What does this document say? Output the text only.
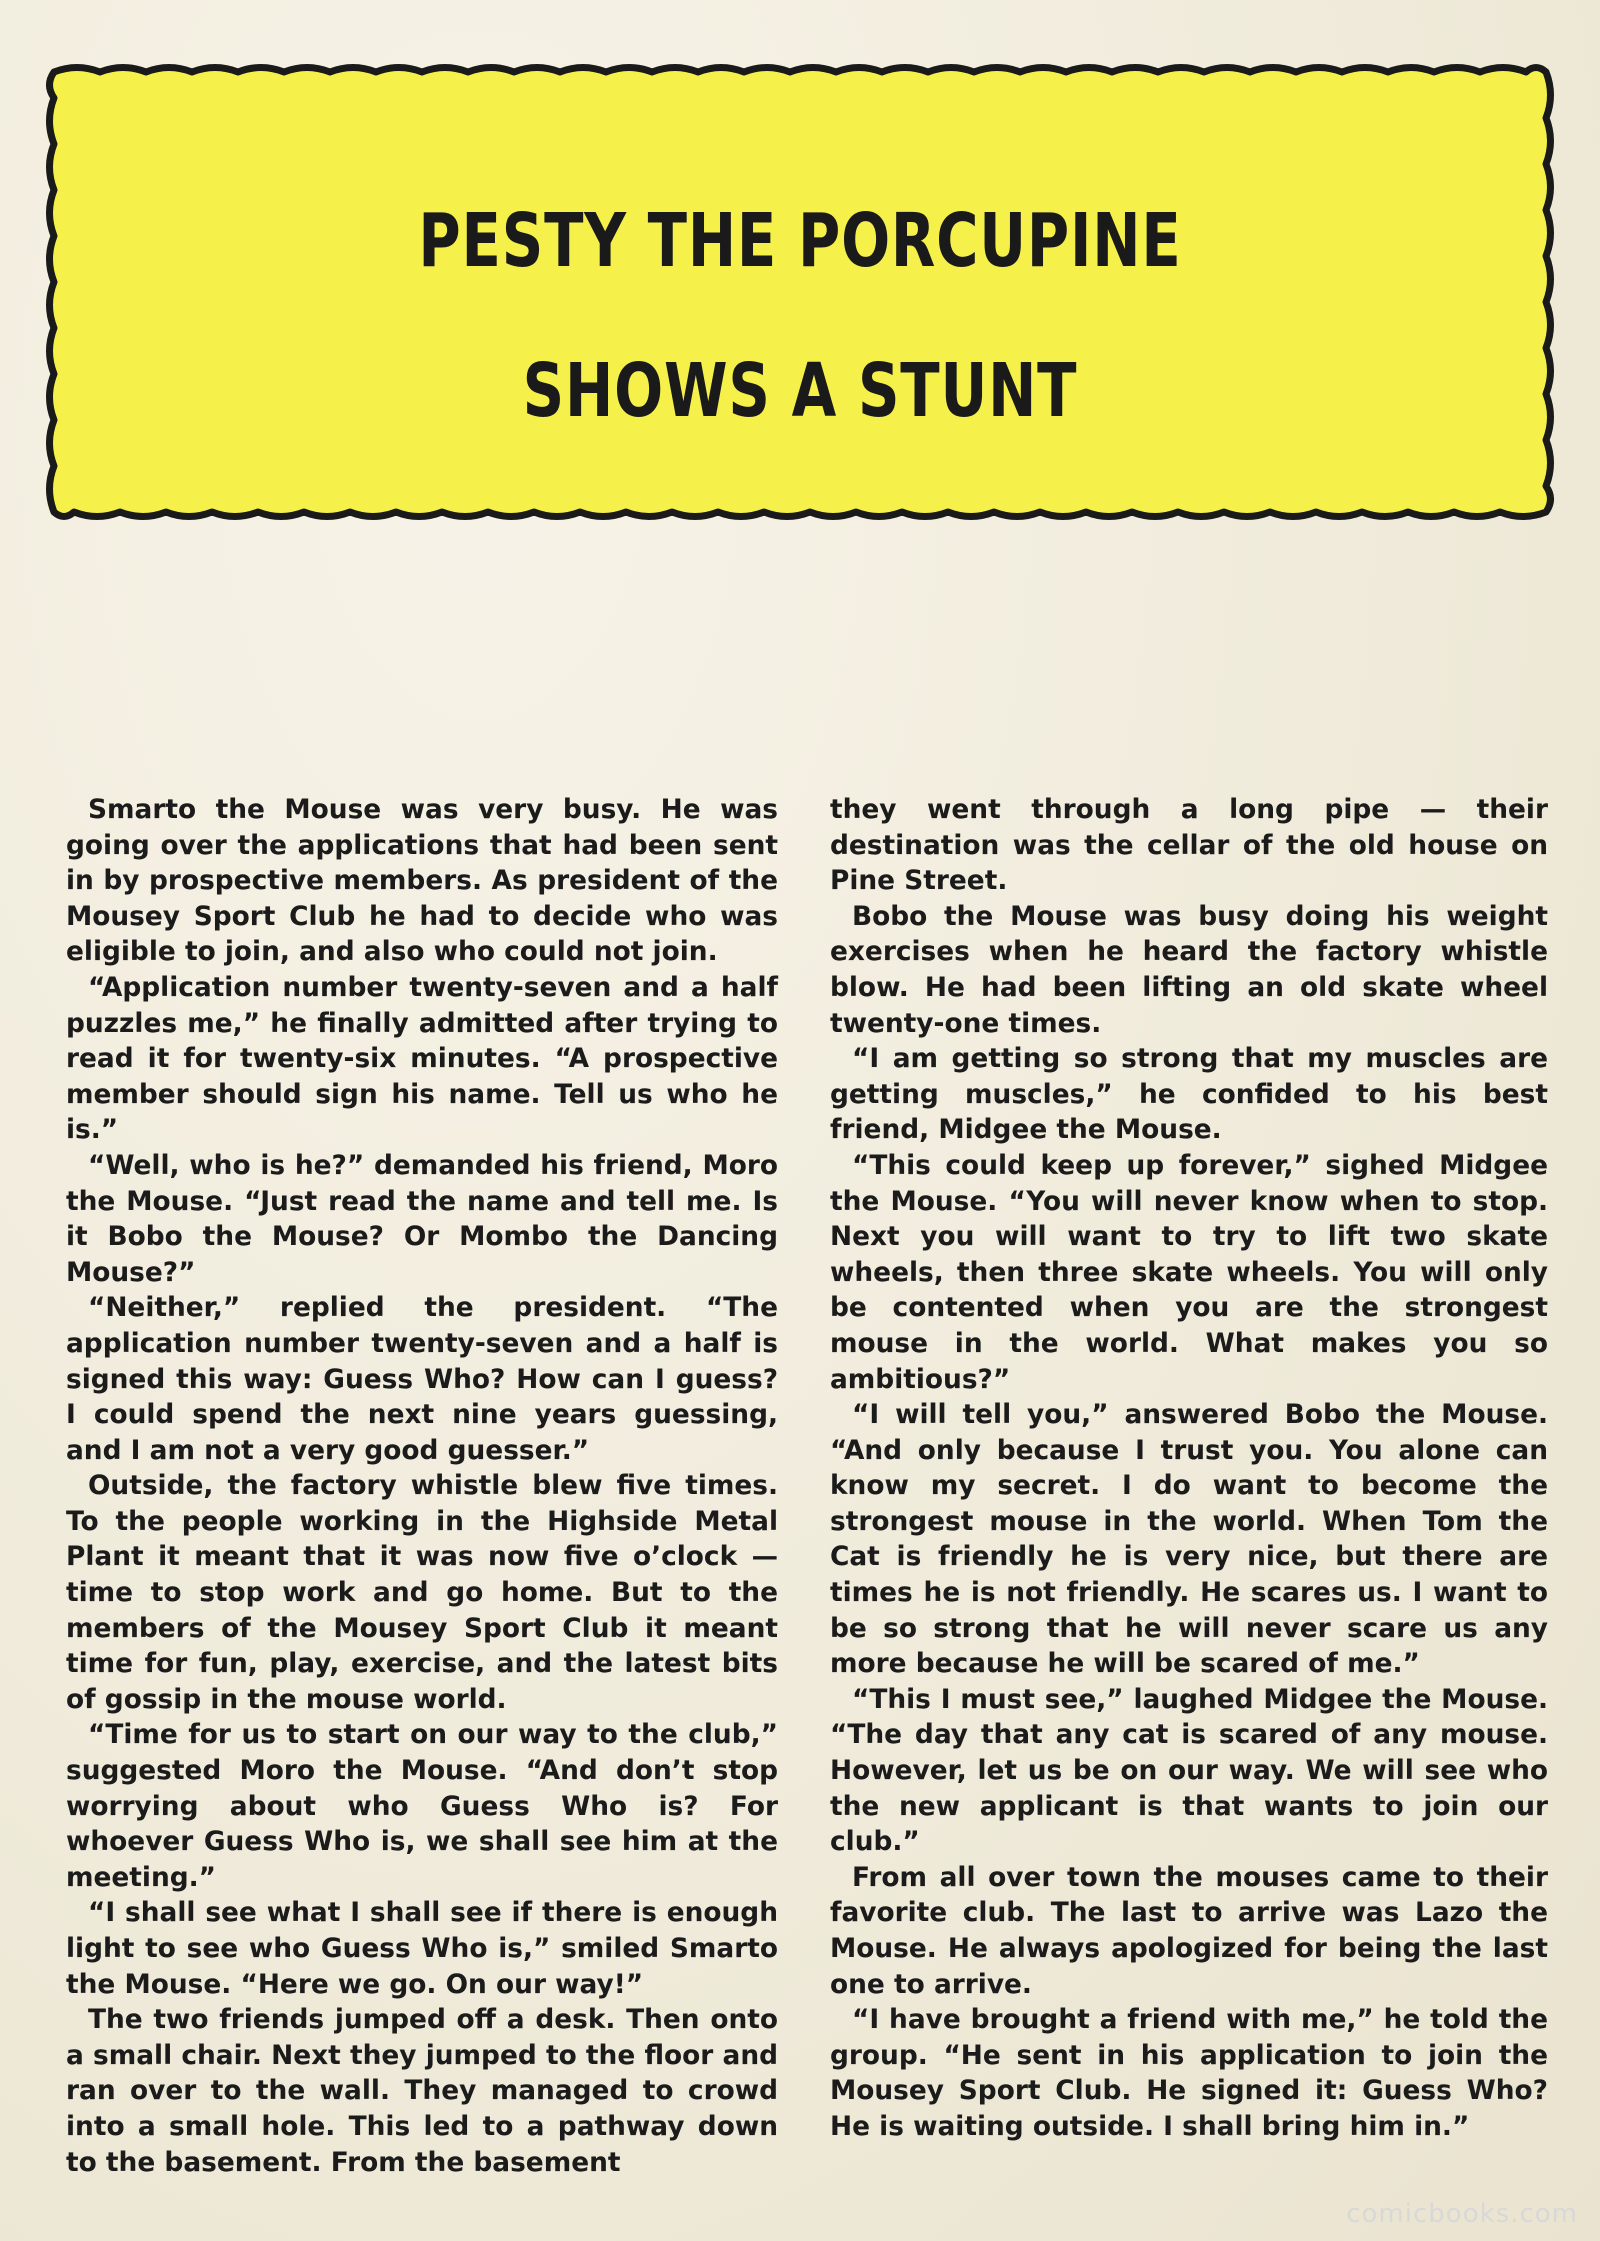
PESTY THE PORCUPINE
SHOWS A STUNT

Smarto the Mouse was very busy. He was going over the applications that had been sent in by prospective members. As president of the Mousey Sport Club he had to decide who was eligible to join, and also who could not join.

“Application number twenty-seven and a half puzzles me,” he finally admitted after trying to read it for twenty-six minutes. “A prospective member should sign his name. Tell us who he is.”

“Well, who is he?” demanded his friend, Moro the Mouse. “Just read the name and tell me. Is it Bobo the Mouse? Or Mombo the Dancing Mouse?”

“Neither,” replied the president. “The application number twenty-seven and a half is signed this way: Guess Who? How can I guess? I could spend the next nine years guessing, and I am not a very good guesser.”

Outside, the factory whistle blew five times. To the people working in the Highside Metal Plant it meant that it was now five o’clock — time to stop work and go home. But to the members of the Mousey Sport Club it meant time for fun, play, exercise, and the latest bits of gossip in the mouse world.

“Time for us to start on our way to the club,” suggested Moro the Mouse. “And don’t stop worrying about who Guess Who is? For whoever Guess Who is, we shall see him at the meeting.”

“I shall see what I shall see if there is enough light to see who Guess Who is,” smiled Smarto the Mouse. “Here we go. On our way!”

The two friends jumped off a desk. Then onto a small chair. Next they jumped to the floor and ran over to the wall. They managed to crowd into a small hole. This led to a pathway down to the basement. From the basement

they went through a long pipe — their destination was the cellar of the old house on Pine Street.

Bobo the Mouse was busy doing his weight exercises when he heard the factory whistle blow. He had been lifting an old skate wheel twenty-one times.

“I am getting so strong that my muscles are getting muscles,” he confided to his best friend, Midgee the Mouse.

“This could keep up forever,” sighed Midgee the Mouse. “You will never know when to stop. Next you will want to try to lift two skate wheels, then three skate wheels. You will only be contented when you are the strongest mouse in the world. What makes you so ambitious?”

“I will tell you,” answered Bobo the Mouse. “And only because I trust you. You alone can know my secret. I do want to become the strongest mouse in the world. When Tom the Cat is friendly he is very nice, but there are times he is not friendly. He scares us. I want to be so strong that he will never scare us any more because he will be scared of me.”

“This I must see,” laughed Midgee the Mouse. “The day that any cat is scared of any mouse. However, let us be on our way. We will see who the new applicant is that wants to join our club.”

From all over town the mouses came to their favorite club. The last to arrive was Lazo the Mouse. He always apologized for being the last one to arrive.

“I have brought a friend with me,” he told the group. “He sent in his application to join the Mousey Sport Club. He signed it: Guess Who? He is waiting outside. I shall bring him in.”

comicbooks.com
